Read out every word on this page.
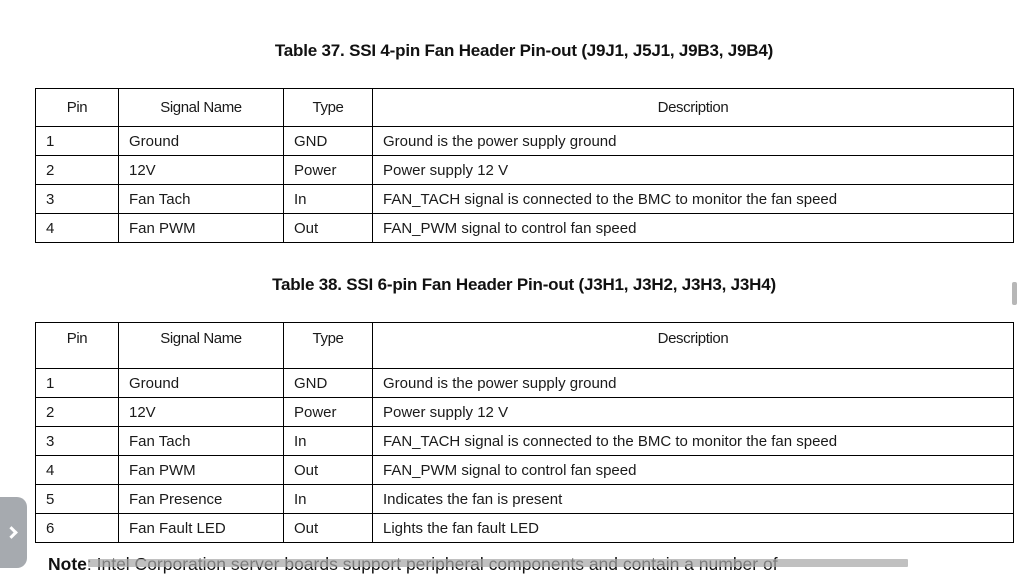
Table 37. SSI 4-pin Fan Header Pin-out (J9J1, J5J1, J9B3, J9B4)
Pin	Signal Name	Type	Description
1	Ground	GND	Ground is the power supply ground
2	12V	Power	Power supply 12 V
3	Fan Tach	In	FAN_TACH signal is connected to the BMC to monitor the fan speed
4	Fan PWM	Out	FAN_PWM signal to control fan speed
Table 38. SSI 6-pin Fan Header Pin-out (J3H1, J3H2, J3H3, J3H4)
Pin	Signal Name	Type	Description
1	Ground	GND	Ground is the power supply ground
2	12V	Power	Power supply 12 V
3	Fan Tach	In	FAN_TACH signal is connected to the BMC to monitor the fan speed
4	Fan PWM	Out	FAN_PWM signal to control fan speed
5	Fan Presence	In	Indicates the fan is present
6	Fan Fault LED	Out	Lights the fan fault LED
Note
